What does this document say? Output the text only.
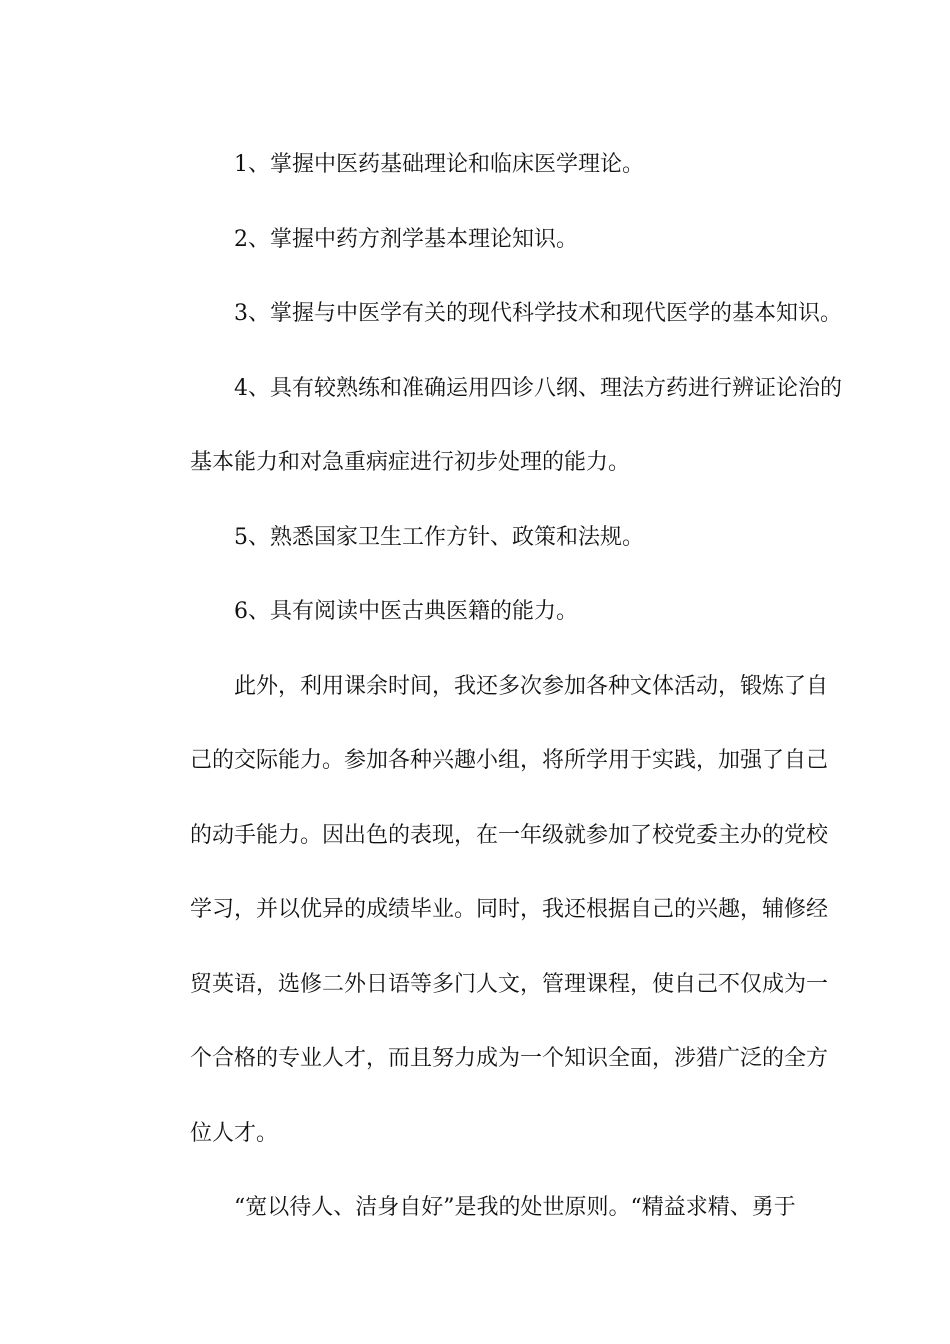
1、掌握中医药基础理论和临床医学理论。
2、掌握中药方剂学基本理论知识。
3、掌握与中医学有关的现代科学技术和现代医学的基本知识。
4、具有较熟练和准确运用四诊八纲、理法方药进行辨证论治的
基本能力和对急重病症进行初步处理的能力。
5、熟悉国家卫生工作方针、政策和法规。
6、具有阅读中医古典医籍的能力。
此外，利用课余时间，我还多次参加各种文体活动，锻炼了自
己的交际能力。参加各种兴趣小组，将所学用于实践，加强了自己
的动手能力。因出色的表现，在一年级就参加了校党委主办的党校
学习，并以优异的成绩毕业。同时，我还根据自己的兴趣，辅修经
贸英语，选修二外日语等多门人文，管理课程，使自己不仅成为一
个合格的专业人才，而且努力成为一个知识全面，涉猎广泛的全方
位人才。
“宽以待人、洁身自好”是我的处世原则。“精益求精、勇于
